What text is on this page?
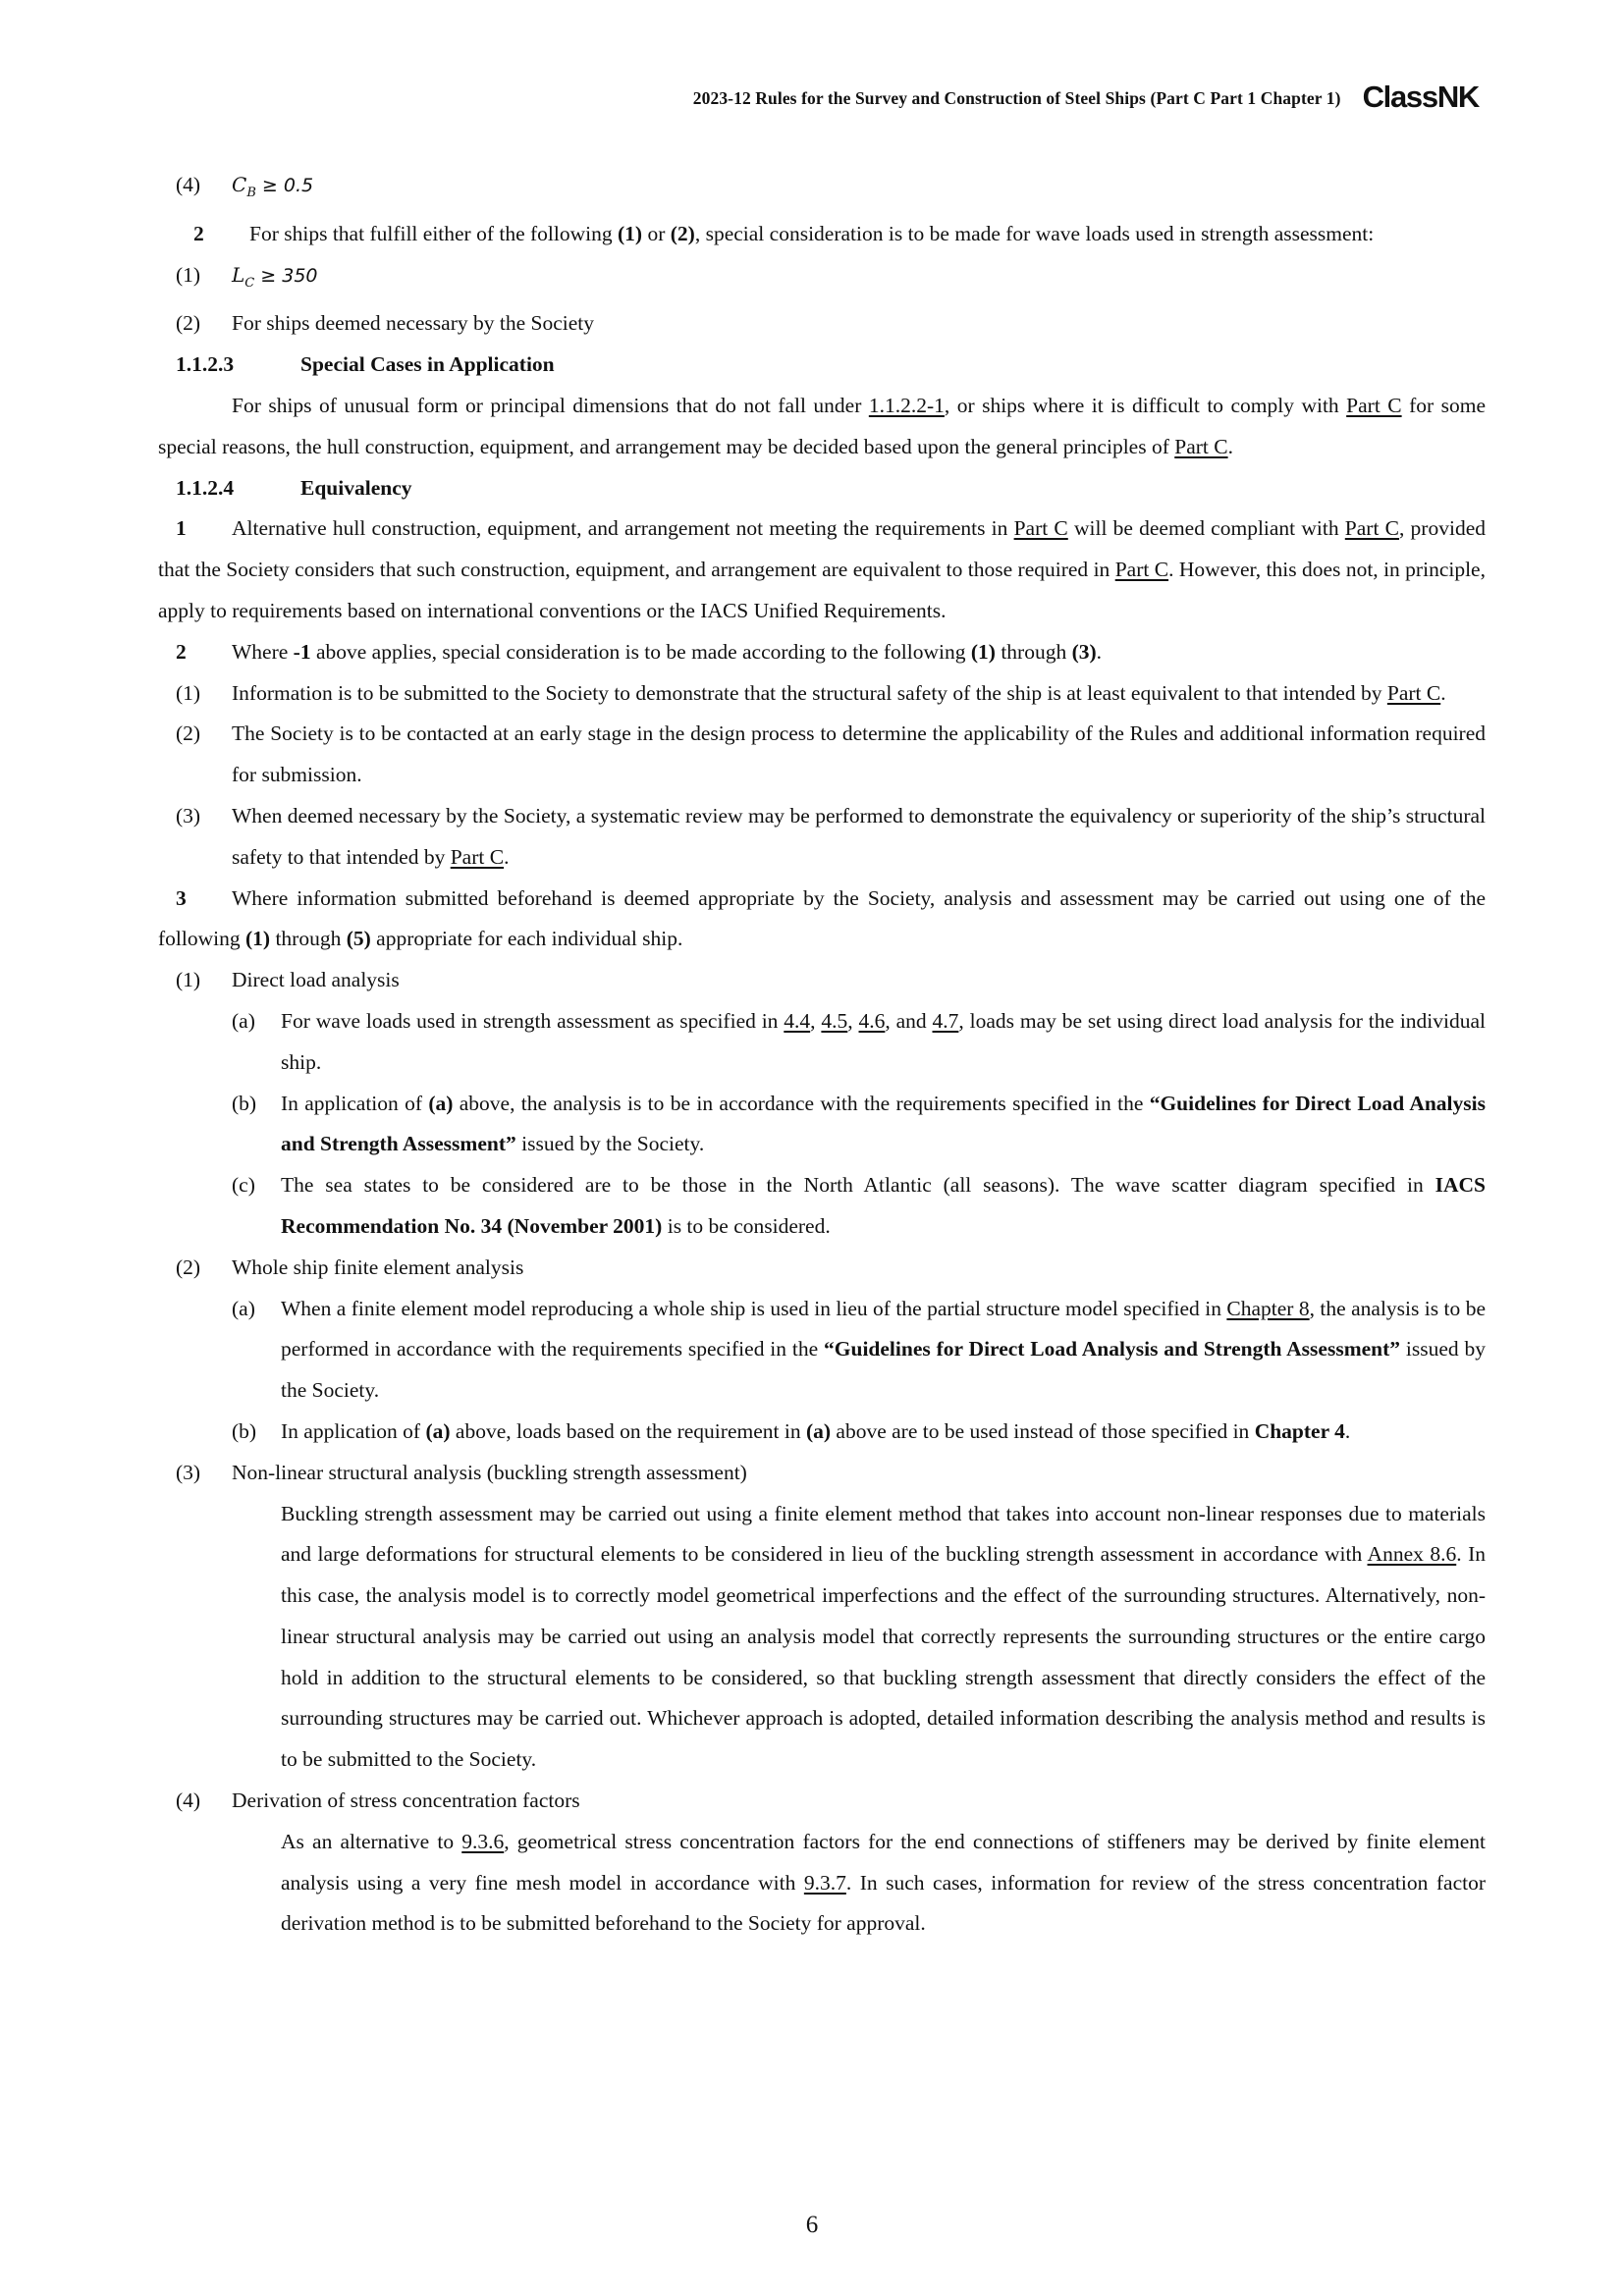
2023-12 Rules for the Survey and Construction of Steel Ships (Part C Part 1 Chapter 1) ClassNK

(4) $C_B \ge 0.5$

2 For ships that fulfill either of the following (1) or (2), special consideration is to be made for wave loads used in strength assessment:

(1) $L_C \ge 350$

(2) For ships deemed necessary by the Society

1.1.2.3	Special Cases in Application

For ships of unusual form or principal dimensions that do not fall under 1.1.2.2-1, or ships where it is difficult to comply with Part C for some special reasons, the hull construction, equipment, and arrangement may be decided based upon the general principles of Part C.

1.1.2.4	Equivalency

1 Alternative hull construction, equipment, and arrangement not meeting the requirements in Part C will be deemed compliant with Part C, provided that the Society considers that such construction, equipment, and arrangement are equivalent to those required in Part C. However, this does not, in principle, apply to requirements based on international conventions or the IACS Unified Requirements.

2 Where -1 above applies, special consideration is to be made according to the following (1) through (3).

(1) Information is to be submitted to the Society to demonstrate that the structural safety of the ship is at least equivalent to that intended by Part C.

(2) The Society is to be contacted at an early stage in the design process to determine the applicability of the Rules and additional information required for submission.

(3) When deemed necessary by the Society, a systematic review may be performed to demonstrate the equivalency or superiority of the ship’s structural safety to that intended by Part C.

3 Where information submitted beforehand is deemed appropriate by the Society, analysis and assessment may be carried out using one of the following (1) through (5) appropriate for each individual ship.

(1) Direct load analysis

(a) For wave loads used in strength assessment as specified in 4.4, 4.5, 4.6, and 4.7, loads may be set using direct load analysis for the individual ship.

(b) In application of (a) above, the analysis is to be in accordance with the requirements specified in the “Guidelines for Direct Load Analysis and Strength Assessment” issued by the Society.

(c) The sea states to be considered are to be those in the North Atlantic (all seasons). The wave scatter diagram specified in IACS Recommendation No. 34 (November 2001) is to be considered.

(2) Whole ship finite element analysis

(a) When a finite element model reproducing a whole ship is used in lieu of the partial structure model specified in Chapter 8, the analysis is to be performed in accordance with the requirements specified in the “Guidelines for Direct Load Analysis and Strength Assessment” issued by the Society.

(b) In application of (a) above, loads based on the requirement in (a) above are to be used instead of those specified in Chapter 4.

(3) Non-linear structural analysis (buckling strength assessment)

Buckling strength assessment may be carried out using a finite element method that takes into account non-linear responses due to materials and large deformations for structural elements to be considered in lieu of the buckling strength assessment in accordance with Annex 8.6. In this case, the analysis model is to correctly model geometrical imperfections and the effect of the surrounding structures. Alternatively, non-linear structural analysis may be carried out using an analysis model that correctly represents the surrounding structures or the entire cargo hold in addition to the structural elements to be considered, so that buckling strength assessment that directly considers the effect of the surrounding structures may be carried out. Whichever approach is adopted, detailed information describing the analysis method and results is to be submitted to the Society.

(4) Derivation of stress concentration factors

As an alternative to 9.3.6, geometrical stress concentration factors for the end connections of stiffeners may be derived by finite element analysis using a very fine mesh model in accordance with 9.3.7. In such cases, information for review of the stress concentration factor derivation method is to be submitted beforehand to the Society for approval.

6
